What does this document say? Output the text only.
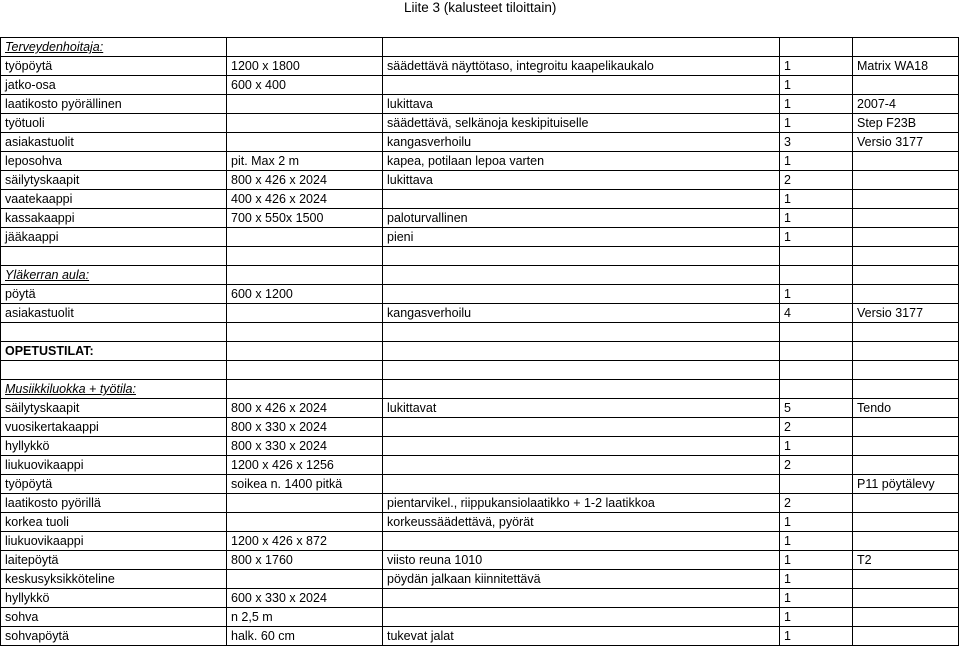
Liite 3 (kalusteet tiloittain)
Terveydenhoitaja:				
työpöytä	1200 x 1800	säädettävä näyttötaso, integroitu kaapelikaukalo	1	Matrix WA18
jatko-osa	600 x 400		1	
laatikosto pyörällinen		lukittava	1	2007-4
työtuoli		säädettävä, selkänoja keskipituiselle	1	Step F23B
asiakastuolit		kangasverhoilu	3	Versio 3177
leposohva	pit. Max 2 m	kapea, potilaan lepoa varten	1	
säilytyskaapit	800 x 426 x 2024	lukittava	2	
vaatekaappi	400 x 426 x 2024		1	
kassakaappi	700 x 550x 1500	paloturvallinen	1	
jääkaappi		pieni	1	

Yläkerran aula:				
pöytä	600 x 1200		1	
asiakastuolit		kangasverhoilu	4	Versio 3177

OPETUSTILAT:				

Musiikkiluokka + työtila:				
säilytyskaapit	800 x 426 x 2024	lukittavat	5	Tendo
vuosikertakaappi	800 x 330 x 2024		2	
hyllykkö	800 x 330 x 2024		1	
liukuovikaappi	1200 x 426 x 1256		2	
työpöytä	soikea n. 1400 pitkä			P11 pöytälevy
laatikosto pyörillä		pientarvikel., riippukansiolaatikko + 1-2 laatikkoa	2	
korkea tuoli		korkeussäädettävä, pyörät	1	
liukuovikaappi	1200 x 426 x 872		1	
laitepöytä	800 x 1760	viisto reuna 1010	1	T2
keskusyksikköteline		pöydän jalkaan kiinnitettävä	1	
hyllykkö	600 x 330 x 2024		1	
sohva	n 2,5 m		1	
sohvapöytä	halk. 60 cm	tukevat jalat	1	
